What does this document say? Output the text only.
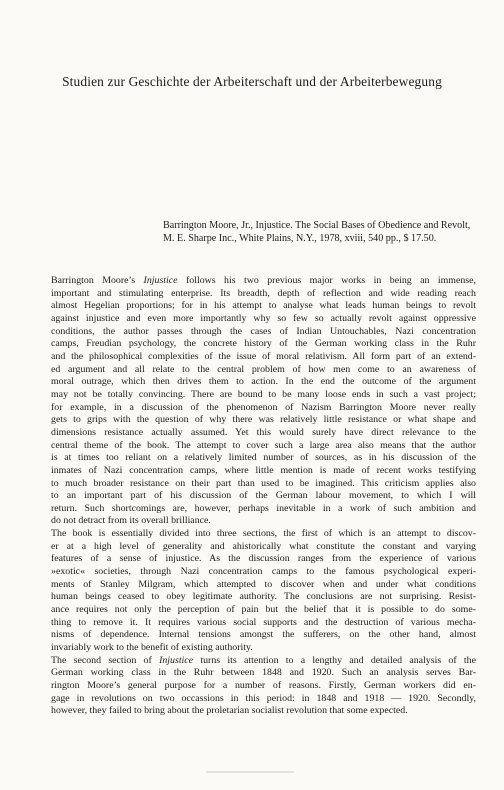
Studien zur Geschichte der Arbeiterschaft und der Arbeiterbewegung
Barrington Moore, Jr., Injustice. The Social Bases of Obedience and Revolt,
M. E. Sharpe Inc., White Plains, N.Y., 1978, xviii, 540 pp., $ 17.50.
Barrington Moore’s Injustice follows his two previous major works in being an immense,
important and stimulating enterprise. Its breadth, depth of reflection and wide reading reach
almost Hegelian proportions; for in his attempt to analyse what leads human beings to revolt
against injustice and even more importantly why so few so actually revolt against oppressive
conditions, the author passes through the cases of Indian Untouchables, Nazi concentration
camps, Freudian psychology, the concrete history of the German working class in the Ruhr
and the philosophical complexities of the issue of moral relativism. All form part of an extend-
ed argument and all relate to the central problem of how men come to an awareness of
moral outrage, which then drives them to action. In the end the outcome of the argument
may not be totally convincing. There are bound to be many loose ends in such a vast project;
for example, in a discussion of the phenomenon of Nazism Barrington Moore never really
gets to grips with the question of why there was relatively little resistance or what shape and
dimensions resistance actually assumed. Yet this would surely have direct relevance to the
central theme of the book. The attempt to cover such a large area also means that the author
is at times too reliant on a relatively limited number of sources, as in his discussion of the
inmates of Nazi concentration camps, where little mention is made of recent works testifying
to much broader resistance on their part than used to be imagined. This criticism applies also
to an important part of his discussion of the German labour movement, to which I will
return. Such shortcomings are, however, perhaps inevitable in a work of such ambition and
do not detract from its overall brilliance.
The book is essentially divided into three sections, the first of which is an attempt to discov-
er at a high level of generality and ahistorically what constitute the constant and varying
features of a sense of injustice. As the discussion ranges from the experience of various
»exotic« societies, through Nazi concentration camps to the famous psychological experi-
ments of Stanley Milgram, which attempted to discover when and under what conditions
human beings ceased to obey legitimate authority. The conclusions are not surprising. Resist-
ance requires not only the perception of pain but the belief that it is possible to do some-
thing to remove it. It requires various social supports and the destruction of various mecha-
nisms of dependence. Internal tensions amongst the sufferers, on the other hand, almost
invariably work to the benefit of existing authority.
The second section of Injustice turns its attention to a lengthy and detailed analysis of the
German working class in the Ruhr between 1848 and 1920. Such an analysis serves Bar-
rington Moore’s general purpose for a number of reasons. Firstly, German workers did en-
gage in revolutions on two occassions in this period: in 1848 and 1918 — 1920. Secondly,
however, they failed to bring about the proletarian socialist revolution that some expected.
